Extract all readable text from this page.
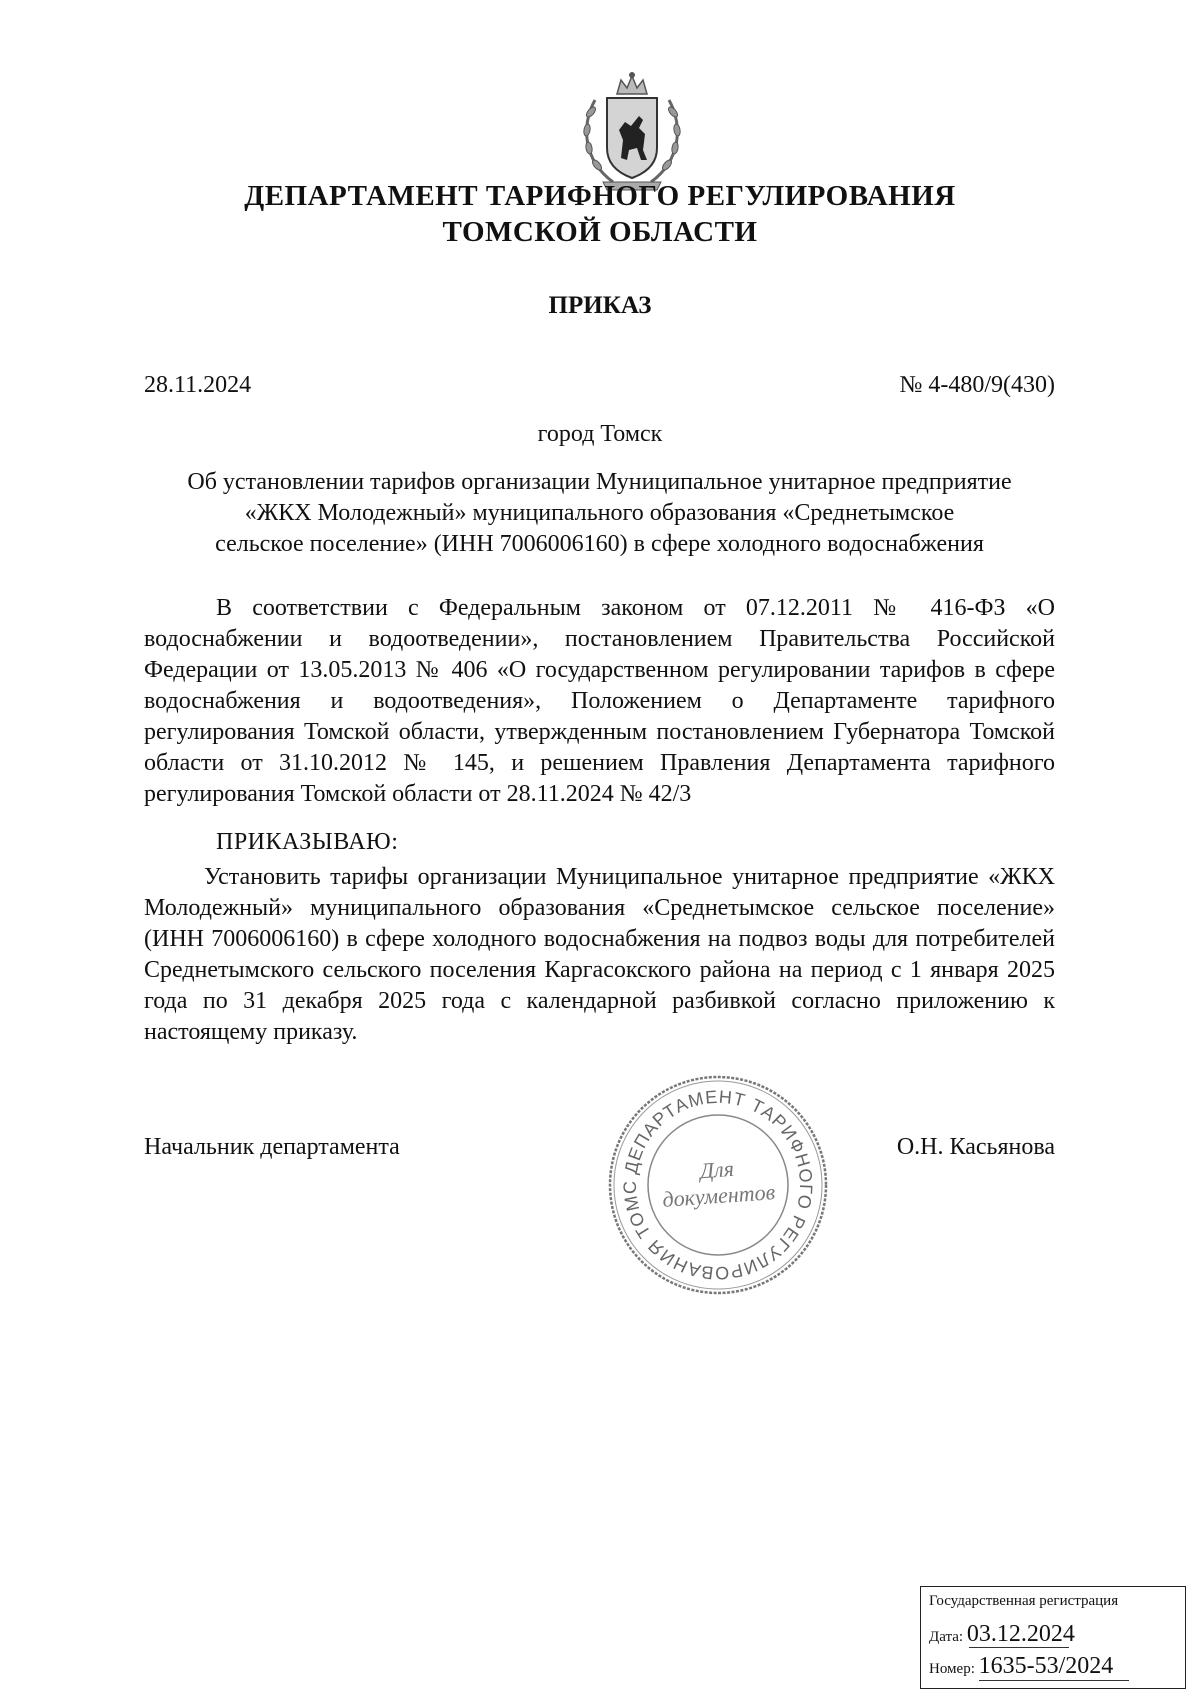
ДЕПАРТАМЕНТ ТАРИФНОГО РЕГУЛИРОВАНИЯ
ТОМСКОЙ ОБЛАСТИ
ПРИКАЗ
28.11.2024	№ 4-480/9(430)
город Томск
Об установлении тарифов организации Муниципальное унитарное предприятие
«ЖКХ Молодежный» муниципального образования «Среднетымское
сельское поселение» (ИНН 7006006160) в сфере холодного водоснабжения
В соответствии с Федеральным законом от 07.12.2011 № 416-ФЗ «О водоснабжении и водоотведении», постановлением Правительства Российской Федерации от 13.05.2013 № 406 «О государственном регулировании тарифов в сфере водоснабжения и водоотведения», Положением о Департаменте тарифного регулирования Томской области, утвержденным постановлением Губернатора Томской области от 31.10.2012 № 145, и решением Правления Департамента тарифного регулирования Томской области от 28.11.2024 № 42/3
ПРИКАЗЫВАЮ:
Установить тарифы организации Муниципальное унитарное предприятие «ЖКХ Молодежный» муниципального образования «Среднетымское сельское поселение» (ИНН 7006006160) в сфере холодного водоснабжения на подвоз воды для потребителей Среднетымского сельского поселения Каргасокского района на период с 1 января 2025 года по 31 декабря 2025 года с календарной разбивкой согласно приложению к настоящему приказу.
Начальник департамента	О.Н. Касьянова
ДЕПАРТАМЕНТ ТАРИФНОГО РЕГУЛИРОВАНИЯ ТОМС
Для
документов
Государственная регистрация
Дата: 03.12.2024
Номер: 1635-53/2024
